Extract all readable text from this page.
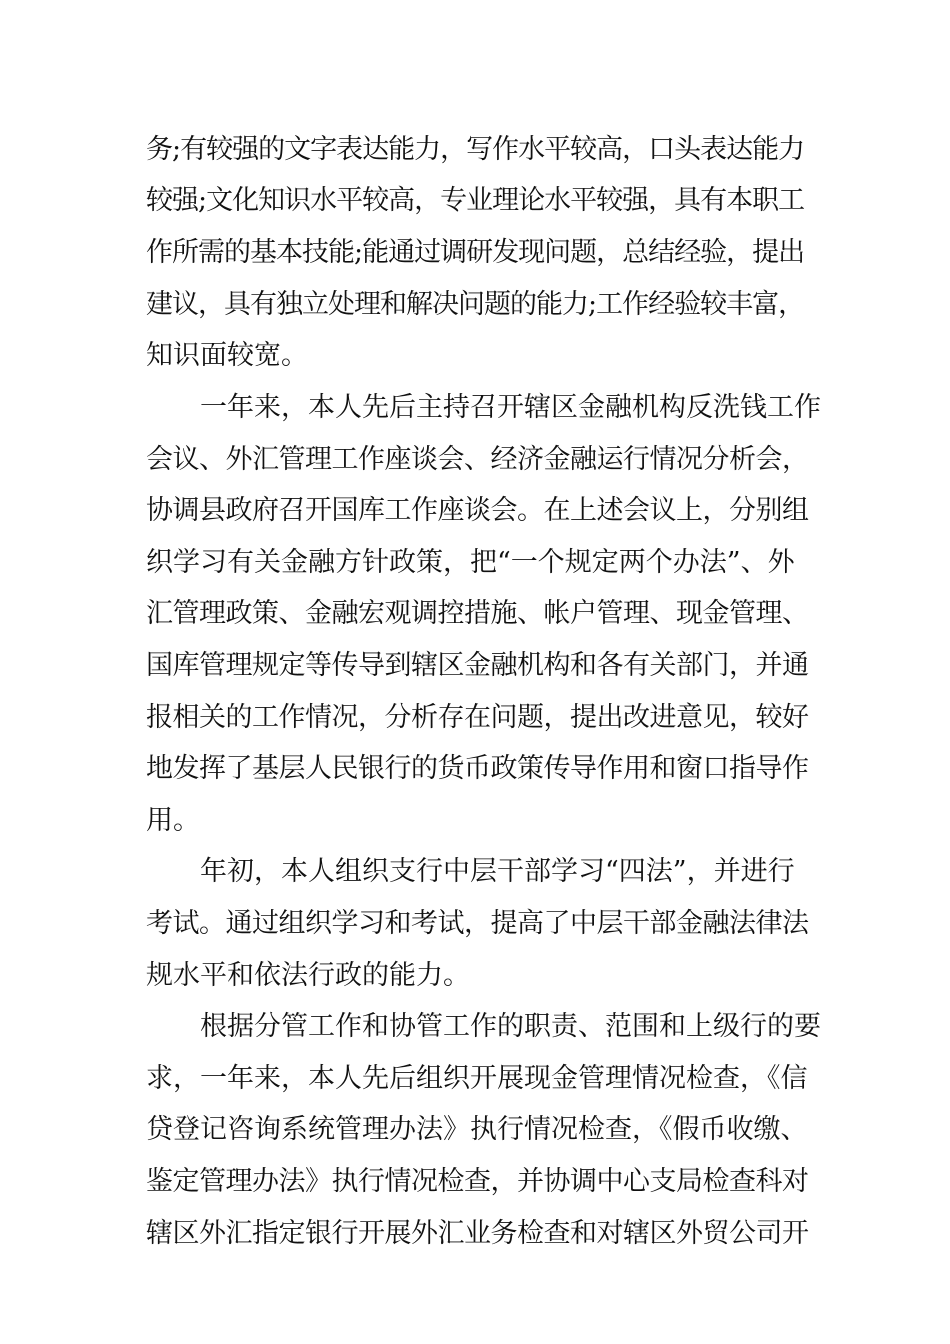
务;有较强的文字表达能力，写作水平较高，口头表达能力
较强;文化知识水平较高，专业理论水平较强，具有本职工
作所需的基本技能;能通过调研发现问题，总结经验，提出
建议，具有独立处理和解决问题的能力;工作经验较丰富，
知识面较宽。
一年来，本人先后主持召开辖区金融机构反洗钱工作
会议、外汇管理工作座谈会、经济金融运行情况分析会，
协调县政府召开国库工作座谈会。在上述会议上，分别组
织学习有关金融方针政策，把“一个规定两个办法”、外
汇管理政策、金融宏观调控措施、帐户管理、现金管理、
国库管理规定等传导到辖区金融机构和各有关部门，并通
报相关的工作情况，分析存在问题，提出改进意见，较好
地发挥了基层人民银行的货币政策传导作用和窗口指导作
用。
年初，本人组织支行中层干部学习“四法”，并进行
考试。通过组织学习和考试，提高了中层干部金融法律法
规水平和依法行政的能力。
根据分管工作和协管工作的职责、范围和上级行的要
求，一年来，本人先后组织开展现金管理情况检查，《信
贷登记咨询系统管理办法》执行情况检查，《假币收缴、
鉴定管理办法》执行情况检查，并协调中心支局检查科对
辖区外汇指定银行开展外汇业务检查和对辖区外贸公司开
